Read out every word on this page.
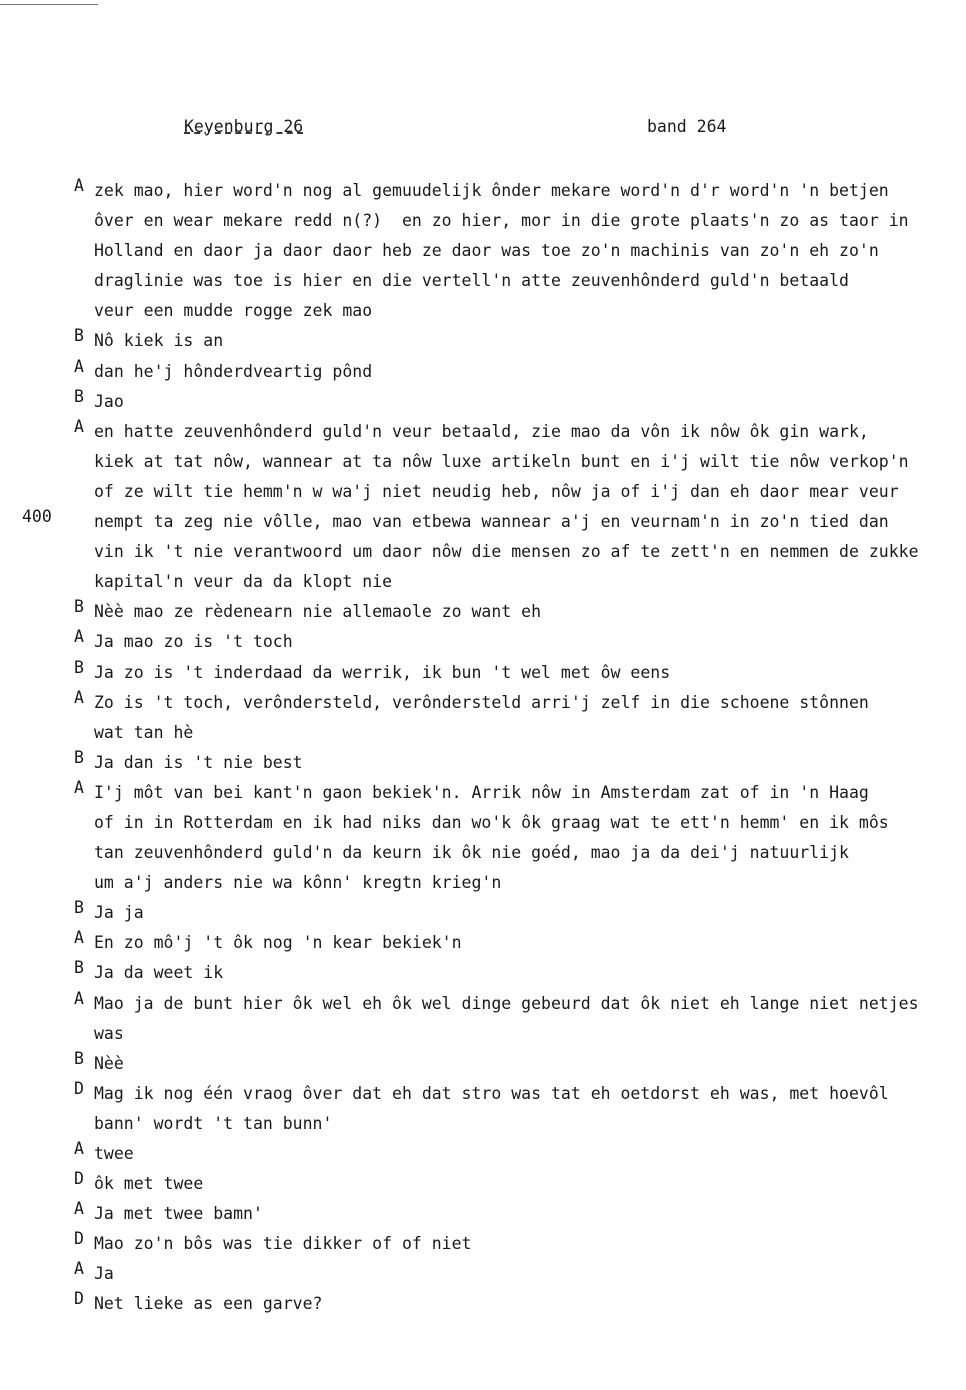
Keyenburg 26	band 264
A zek mao, hier word'n nog al gemuudelijk ônder mekare word'n d'r word'n 'n betjen
ôver en wear mekare redd n(?)  en zo hier, mor in die grote plaats'n zo as taor in
Holland en daor ja daor daor heb ze daor was toe zo'n machinis van zo'n eh zo'n
draglinie was toe is hier en die vertell'n atte zeuvenhônderd guld'n betaald
veur een mudde rogge zek mao
B Nô kiek is an
A dan he'j hônderdveartig pônd
B Jao
A en hatte zeuvenhônderd guld'n veur betaald, zie mao da vôn ik nôw ôk gin wark,
kiek at tat nôw, wannear at ta nôw luxe artikeln bunt en i'j wilt tie nôw verkop'n
of ze wilt tie hemm'n w wa'j niet neudig heb, nôw ja of i'j dan eh daor mear veur
nempt ta zeg nie vôlle, mao van etbewa wannear a'j en veurnam'n in zo'n tied dan
vin ik 't nie verantwoord um daor nôw die mensen zo af te zett'n en nemmen de zukke
kapital'n veur da da klopt nie
400
B Nèè mao ze rèdenearn nie allemaole zo want eh
A Ja mao zo is 't toch
B Ja zo is 't inderdaad da werrik, ik bun 't wel met ôw eens
A Zo is 't toch, verôndersteld, verôndersteld arri'j zelf in die schoene stônnen
wat tan hè
B Ja dan is 't nie best
A I'j môt van bei kant'n gaon bekiek'n. Arrik nôw in Amsterdam zat of in 'n Haag
of in in Rotterdam en ik had niks dan wo'k ôk graag wat te ett'n hemm' en ik môs
tan zeuvenhônderd guld'n da keurn ik ôk nie goéd, mao ja da dei'j natuurlijk
um a'j anders nie wa kônn' kregtn krieg'n
B Ja ja
A En zo mô'j 't ôk nog 'n kear bekiek'n
B Ja da weet ik
A Mao ja de bunt hier ôk wel eh ôk wel dinge gebeurd dat ôk niet eh lange niet netjes
was
B Nèè
D Mag ik nog één vraog ôver dat eh dat stro was tat eh oetdorst eh was, met hoevôl
bann' wordt 't tan bunn'
A twee
D ôk met twee
A Ja met twee bamn'
D Mao zo'n bôs was tie dikker of of niet
A Ja
D Net lieke as een garve?
